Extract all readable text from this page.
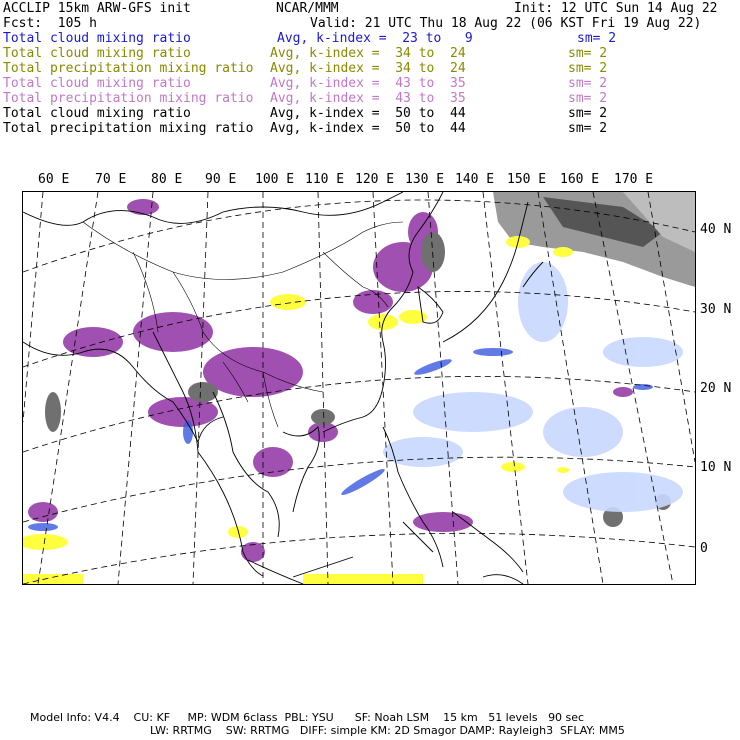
ACCLIP 15km ARW-GFS init	NCAR/MMM	Init: 12 UTC Sun 14 Aug 22
Fcst:  105 h	Valid: 21 UTC Thu 18 Aug 22 (06 KST Fri 19 Aug 22)
Total cloud mixing ratio	Avg, k-index =  23 to   9	sm= 2
Total cloud mixing ratio	Avg, k-index =  34 to  24	sm= 2
Total precipitation mixing ratio Avg, k-index =  34 to  24	sm= 2
Total cloud mixing ratio	Avg, k-index =  43 to  35	sm= 2
Total precipitation mixing ratio Avg, k-index =  43 to  35	sm= 2
Total cloud mixing ratio	Avg, k-index =  50 to  44	sm= 2
Total precipitation mixing ratio Avg, k-index =  50 to  44	sm= 2
60 E 70 E 80 E 90 E 100 E 110 E 120 E 130 E 140 E 150 E 160 E 170 E
40 N
30 N
20 N
10 N
0
Model Info: V4.4    CU: KF     MP: WDM 6class  PBL: YSU      SF: Noah LSM    15 km   51 levels   90 sec
LW: RRTMG    SW: RRTMG   DIFF: simple KM: 2D Smagor DAMP: Rayleigh3  SFLAY: MM5
